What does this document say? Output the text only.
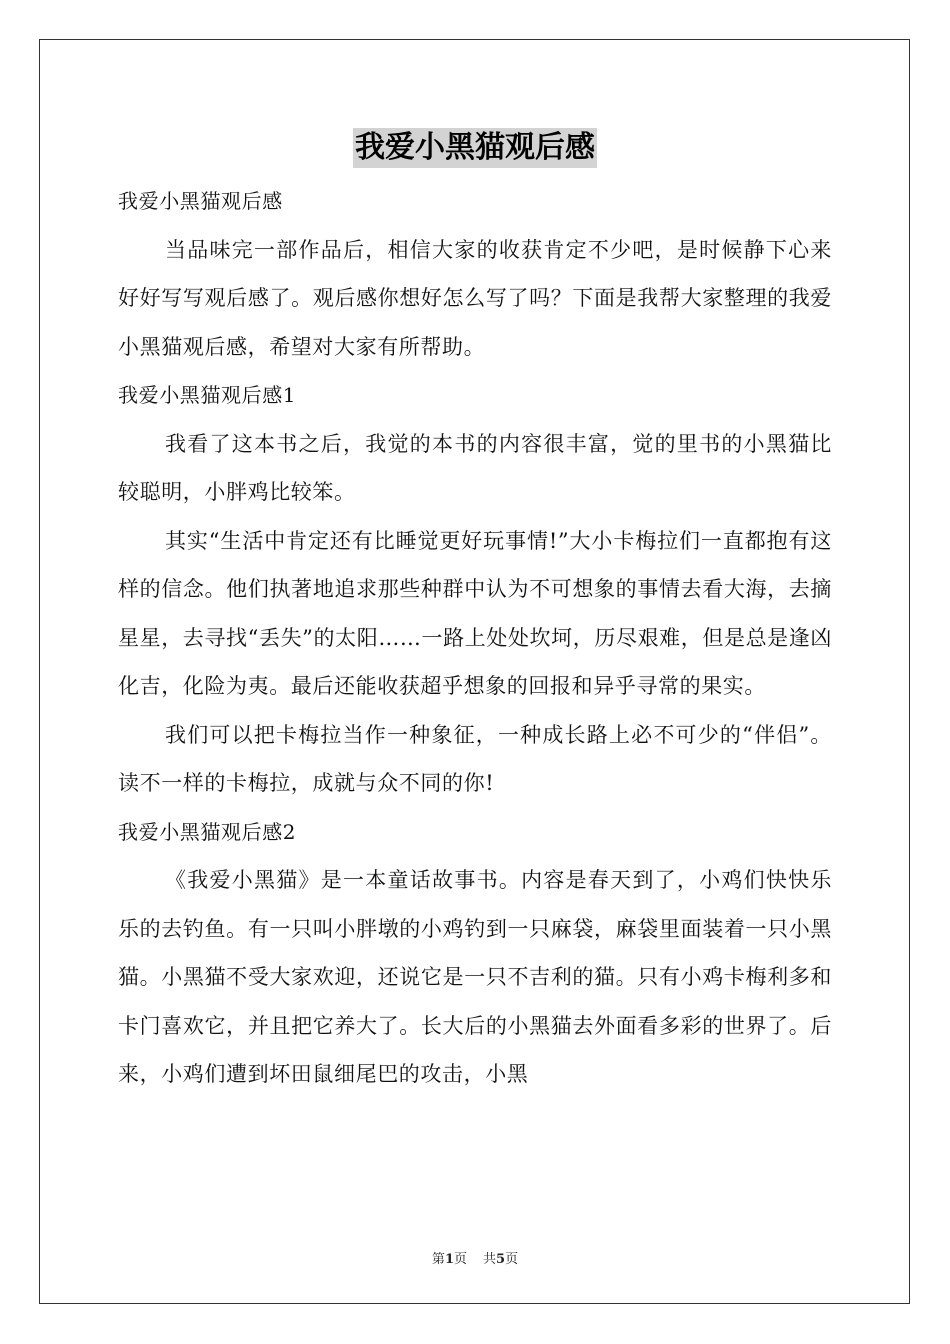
我爱小黑猫观后感

我爱小黑猫观后感

当品味完一部作品后，相信大家的收获肯定不少吧，是时候静下心来好好写写观后感了。观后感你想好怎么写了吗？下面是我帮大家整理的我爱小黑猫观后感，希望对大家有所帮助。

我爱小黑猫观后感1

我看了这本书之后，我觉的本书的内容很丰富，觉的里书的小黑猫比较聪明，小胖鸡比较笨。

其实“生活中肯定还有比睡觉更好玩事情!”大小卡梅拉们一直都抱有这样的信念。他们执著地追求那些种群中认为不可想象的事情去看大海，去摘星星，去寻找“丢失”的太阳……一路上处处坎坷，历尽艰难，但是总是逢凶化吉，化险为夷。最后还能收获超乎想象的回报和异乎寻常的果实。

我们可以把卡梅拉当作一种象征，一种成长路上必不可少的“伴侣”。读不一样的卡梅拉，成就与众不同的你!

我爱小黑猫观后感2

《我爱小黑猫》是一本童话故事书。内容是春天到了，小鸡们快快乐乐的去钓鱼。有一只叫小胖墩的小鸡钓到一只麻袋，麻袋里面装着一只小黑猫。小黑猫不受大家欢迎，还说它是一只不吉利的猫。只有小鸡卡梅利多和卡门喜欢它，并且把它养大了。长大后的小黑猫去外面看多彩的世界了。后来，小鸡们遭到坏田鼠细尾巴的攻击，小黑

第1页 共5页
